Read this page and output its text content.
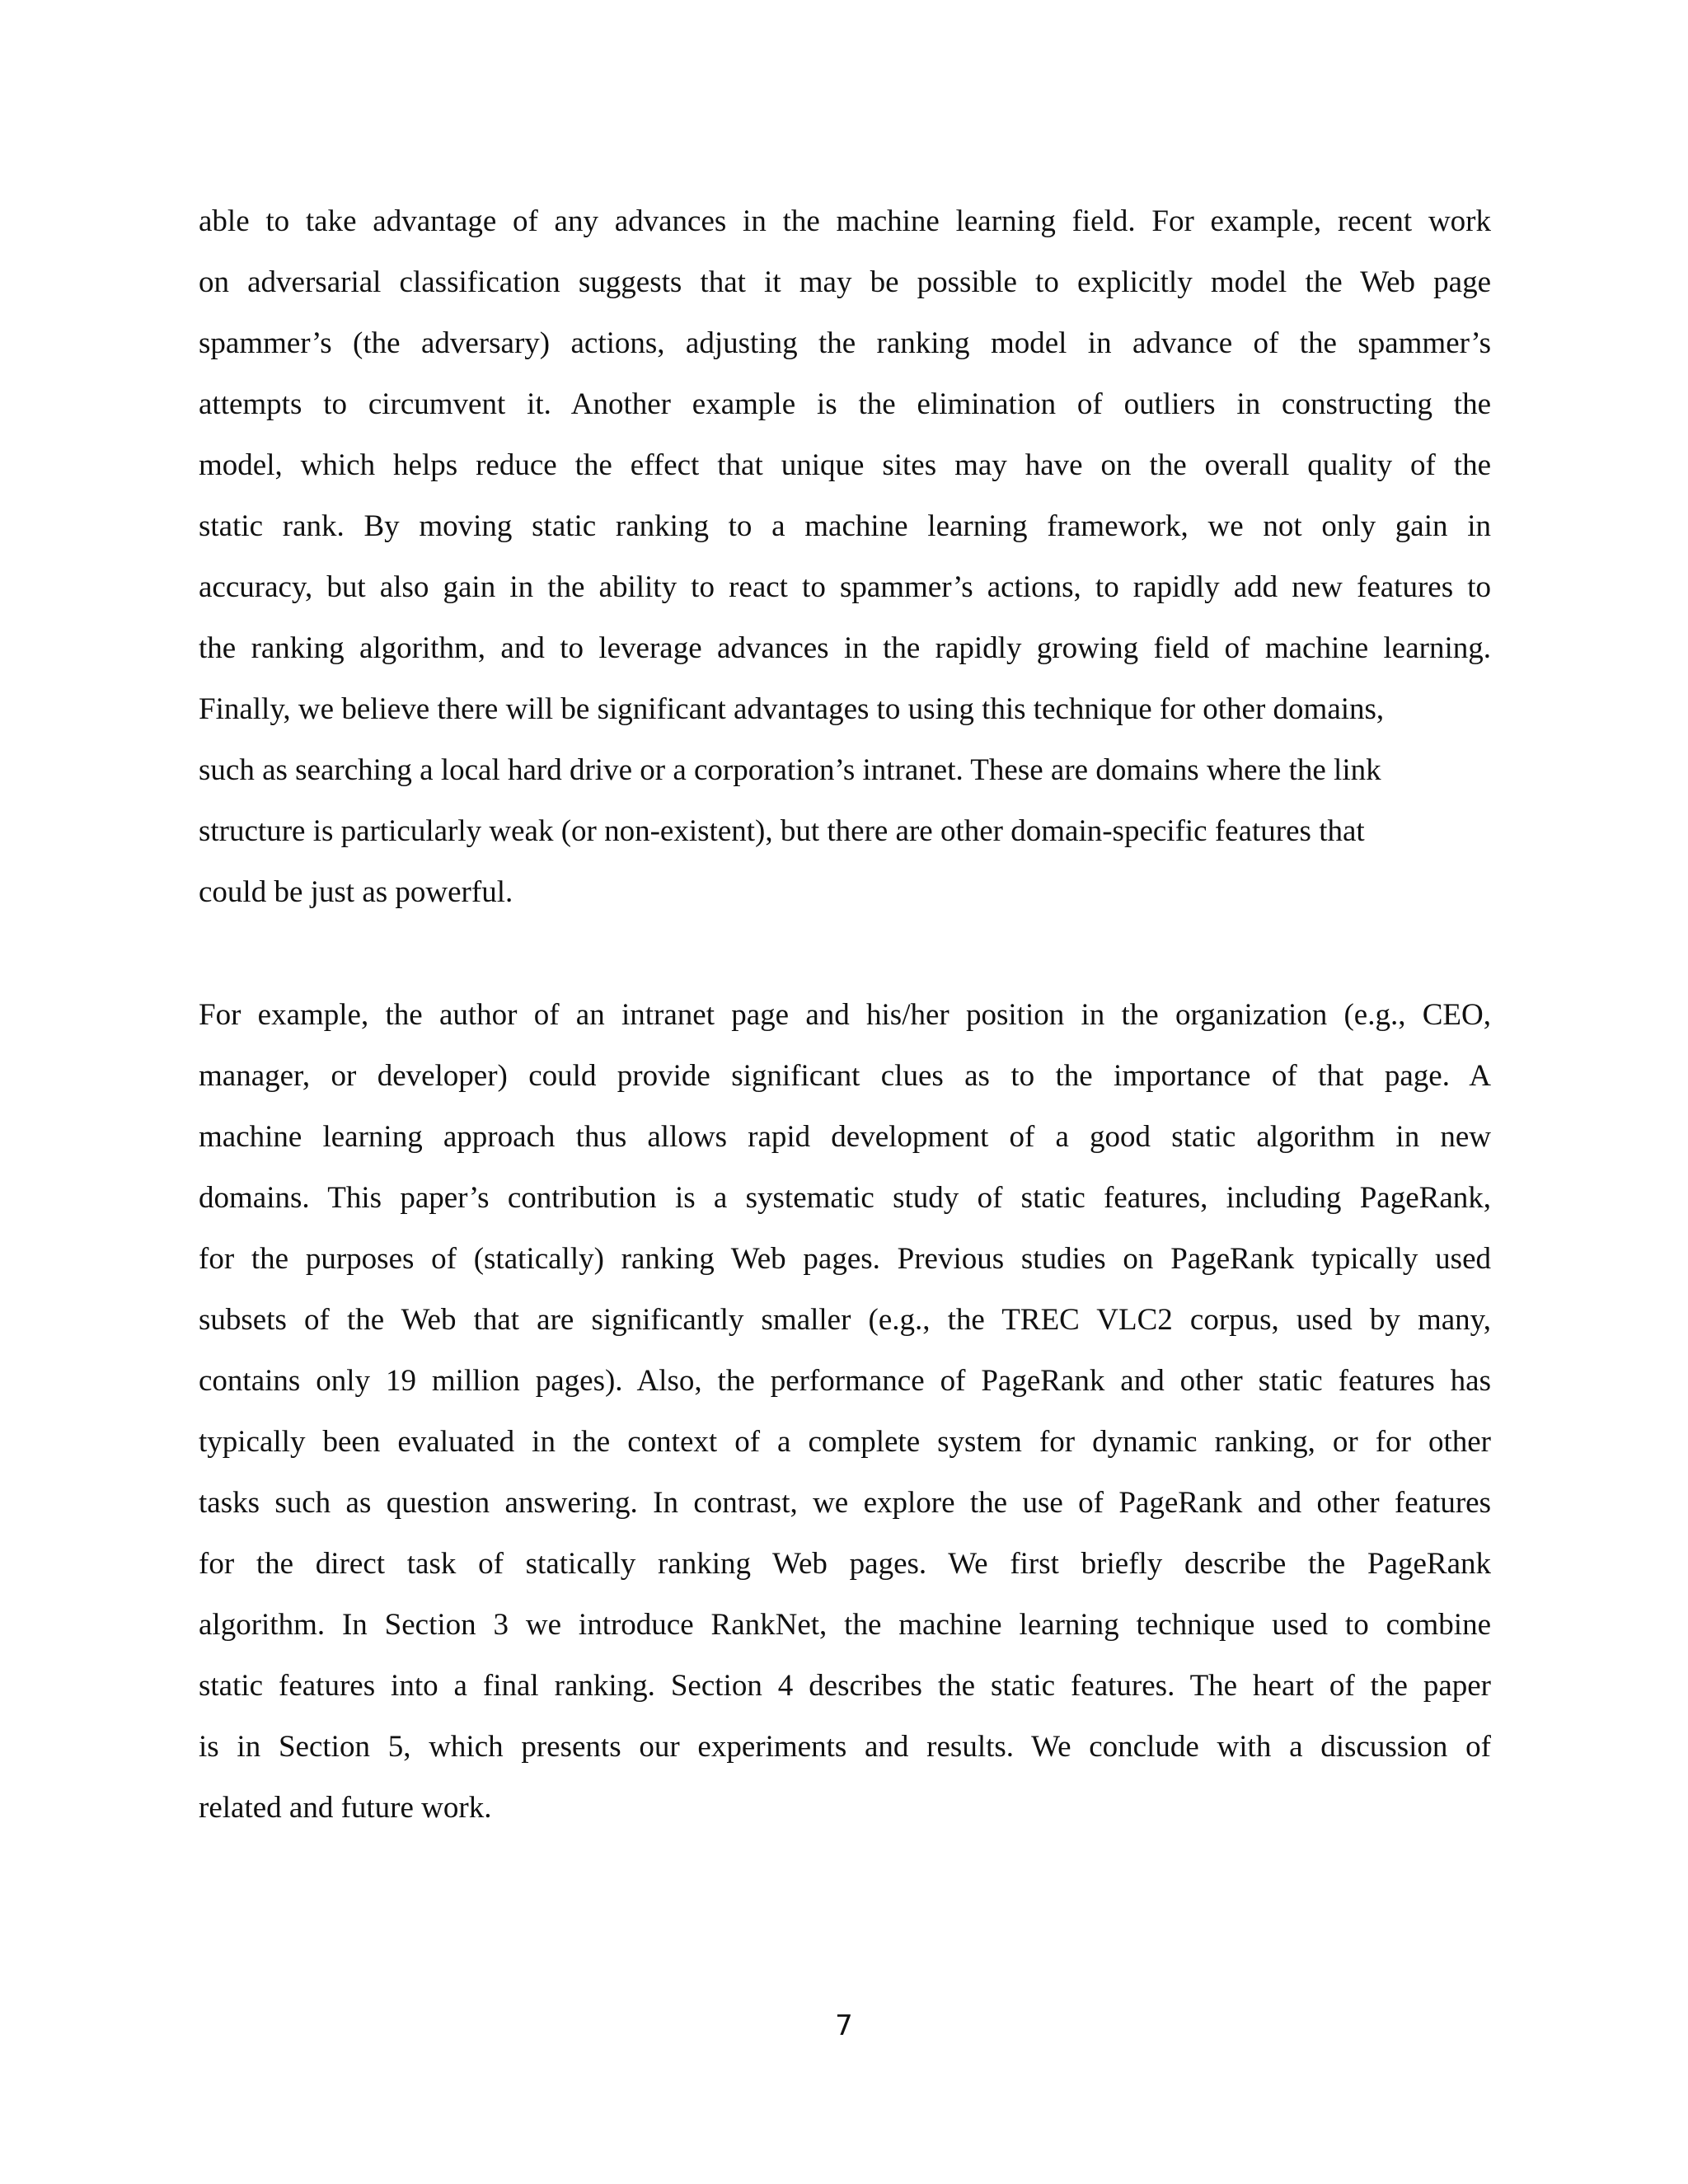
able to take advantage of any advances in the machine learning field. For example, recent work
on adversarial classification suggests that it may be possible to explicitly model the Web page
spammer’s (the adversary) actions, adjusting the ranking model in advance of the spammer’s
attempts to circumvent it. Another example is the elimination of outliers in constructing the
model, which helps reduce the effect that unique sites may have on the overall quality of the
static rank. By moving static ranking to a machine learning framework, we not only gain in
accuracy, but also gain in the ability to react to spammer’s actions, to rapidly add new features to
the ranking algorithm, and to leverage advances in the rapidly growing field of machine learning.
Finally, we believe there will be significant advantages to using this technique for other domains,
such as searching a local hard drive or a corporation’s intranet. These are domains where the link
structure is particularly weak (or non-existent), but there are other domain-specific features that
could be just as powerful.
For example, the author of an intranet page and his/her position in the organization (e.g., CEO,
manager, or developer) could provide significant clues as to the importance of that page. A
machine learning approach thus allows rapid development of a good static algorithm in new
domains. This paper’s contribution is a systematic study of static features, including PageRank,
for the purposes of (statically) ranking Web pages. Previous studies on PageRank typically used
subsets of the Web that are significantly smaller (e.g., the TREC VLC2 corpus, used by many,
contains only 19 million pages). Also, the performance of PageRank and other static features has
typically been evaluated in the context of a complete system for dynamic ranking, or for other
tasks such as question answering. In contrast, we explore the use of PageRank and other features
for the direct task of statically ranking Web pages. We first briefly describe the PageRank
algorithm. In Section 3 we introduce RankNet, the machine learning technique used to combine
static features into a final ranking. Section 4 describes the static features. The heart of the paper
is in Section 5, which presents our experiments and results. We conclude with a discussion of
related and future work.
7
